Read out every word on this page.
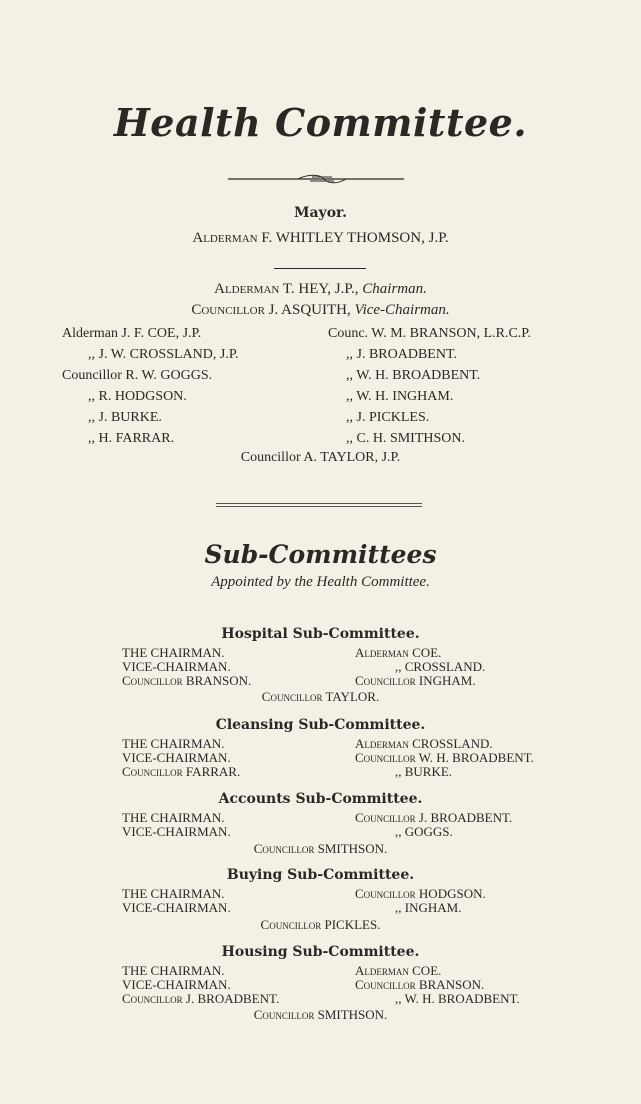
Health Committee.
Mayor.
Alderman F. WHITLEY THOMSON, J.P.
Alderman T. HEY, J.P., Chairman.
Councillor J. ASQUITH, Vice-Chairman.
Alderman J. F. COE, J.P.
,, J. W. CROSSLAND, J.P.
Councillor R. W. GOGGS.
,, R. HODGSON.
,, J. BURKE.
,, H. FARRAR.
Counc. W. M. BRANSON, L.R.C.P.
,, J. BROADBENT.
,, W. H. BROADBENT.
,, W. H. INGHAM.
,, J. PICKLES.
,, C. H. SMITHSON.
Councillor A. TAYLOR, J.P.
Sub-Committees
Appointed by the Health Committee.
Hospital Sub-Committee.
THE CHAIRMAN.
VICE-CHAIRMAN.
Councillor BRANSON.
Alderman COE.
,, CROSSLAND.
Councillor INGHAM.
Councillor TAYLOR.
Cleansing Sub-Committee.
THE CHAIRMAN.
VICE-CHAIRMAN.
Councillor FARRAR.
Alderman CROSSLAND.
Councillor W. H. BROADBENT.
,, BURKE.
Accounts Sub-Committee.
THE CHAIRMAN.
VICE-CHAIRMAN.
Councillor J. BROADBENT.
,, GOGGS.
Councillor SMITHSON.
Buying Sub-Committee.
THE CHAIRMAN.
VICE-CHAIRMAN.
Councillor HODGSON.
,, INGHAM.
Councillor PICKLES.
Housing Sub-Committee.
THE CHAIRMAN.
VICE-CHAIRMAN.
Councillor J. BROADBENT.
Alderman COE.
Councillor BRANSON.
,, W. H. BROADBENT.
Councillor SMITHSON.
